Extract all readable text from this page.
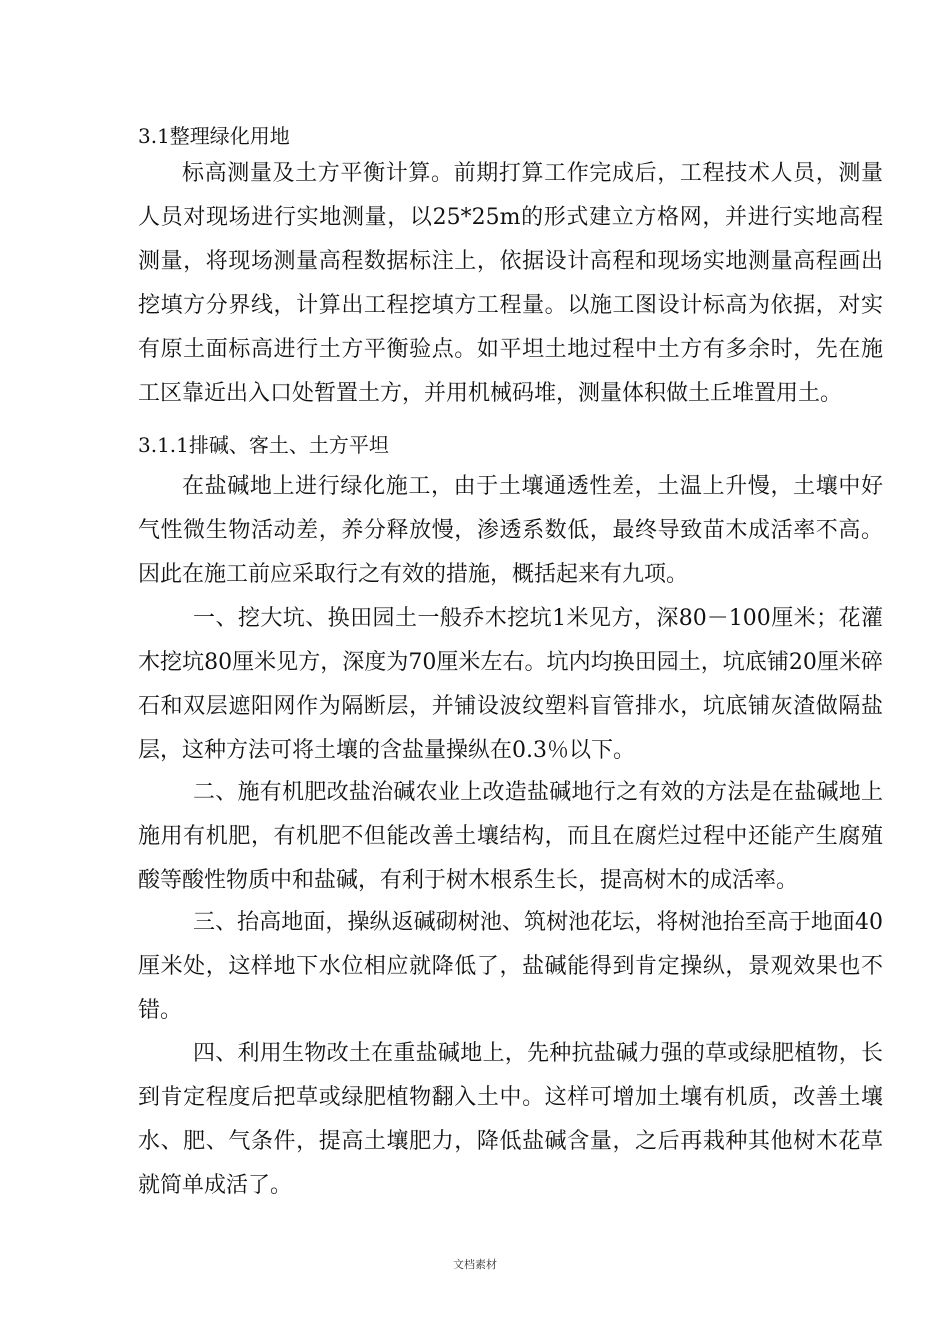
3.1整理绿化用地

标高测量及土方平衡计算。前期打算工作完成后，工程技术人员，测量人员对现场进行实地测量，以25*25m的形式建立方格网，并进行实地高程测量，将现场测量高程数据标注上，依据设计高程和现场实地测量高程画出挖填方分界线，计算出工程挖填方工程量。以施工图设计标高为依据，对实有原土面标高进行土方平衡验点。如平坦土地过程中土方有多余时，先在施工区靠近出入口处暂置土方，并用机械码堆，测量体积做土丘堆置用土。

3.1.1排碱、客土、土方平坦

在盐碱地上进行绿化施工，由于土壤通透性差，土温上升慢，土壤中好气性微生物活动差，养分释放慢，渗透系数低，最终导致苗木成活率不高。因此在施工前应采取行之有效的措施，概括起来有九项。

一、挖大坑、换田园土一般乔木挖坑1米见方，深80－100厘米；花灌木挖坑80厘米见方，深度为70厘米左右。坑内均换田园土，坑底铺20厘米碎石和双层遮阳网作为隔断层，并铺设波纹塑料盲管排水，坑底铺灰渣做隔盐层，这种方法可将土壤的含盐量操纵在0.3％以下。

二、施有机肥改盐治碱农业上改造盐碱地行之有效的方法是在盐碱地上施用有机肥，有机肥不但能改善土壤结构，而且在腐烂过程中还能产生腐殖酸等酸性物质中和盐碱，有利于树木根系生长，提高树木的成活率。

三、抬高地面，操纵返碱砌树池、筑树池花坛，将树池抬至高于地面40厘米处，这样地下水位相应就降低了，盐碱能得到肯定操纵，景观效果也不错。

四、利用生物改土在重盐碱地上，先种抗盐碱力强的草或绿肥植物，长到肯定程度后把草或绿肥植物翻入土中。这样可增加土壤有机质，改善土壤水、肥、气条件，提高土壤肥力，降低盐碱含量，之后再栽种其他树木花草就简单成活了。

文档素材
